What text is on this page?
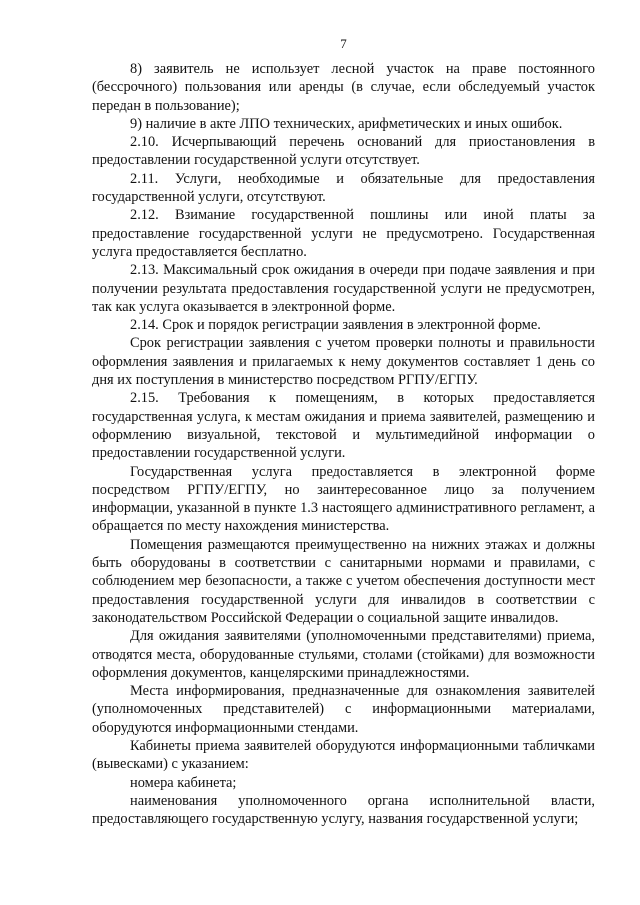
7

8) заявитель не использует лесной участок на праве постоянного (бессрочного) пользования или аренды (в случае, если обследуемый участок передан в пользование);

9) наличие в акте ЛПО технических, арифметических и иных ошибок.

2.10. Исчерпывающий перечень оснований для приостановления в предоставлении государственной услуги отсутствует.

2.11. Услуги, необходимые и обязательные для предоставления государственной услуги, отсутствуют.

2.12. Взимание государственной пошлины или иной платы за предоставление государственной услуги не предусмотрено. Государственная услуга предоставляется бесплатно.

2.13. Максимальный срок ожидания в очереди при подаче заявления и при получении результата предоставления государственной услуги не предусмотрен, так как услуга оказывается в электронной форме.

2.14. Срок и порядок регистрации заявления в электронной форме.

Срок регистрации заявления с учетом проверки полноты и правильности оформления заявления и прилагаемых к нему документов составляет 1 день со дня их поступления в министерство посредством РГПУ/ЕГПУ.

2.15. Требования к помещениям, в которых предоставляется государственная услуга, к местам ожидания и приема заявителей, размещению и оформлению визуальной, текстовой и мультимедийной информации о предоставлении государственной услуги.

Государственная услуга предоставляется в электронной форме посредством РГПУ/ЕГПУ, но заинтересованное лицо за получением информации, указанной в пункте 1.3 настоящего административного регламент, а обращается по месту нахождения министерства.

Помещения размещаются преимущественно на нижних этажах и должны быть оборудованы в соответствии с санитарными нормами и правилами, с соблюдением мер безопасности, а также с учетом обеспечения доступности мест предоставления государственной услуги для инвалидов в соответствии с законодательством Российской Федерации о социальной защите инвалидов.

Для ожидания заявителями (уполномоченными представителями) приема, отводятся места, оборудованные стульями, столами (стойками) для возможности оформления документов, канцелярскими принадлежностями.

Места информирования, предназначенные для ознакомления заявителей (уполномоченных представителей) с информационными материалами, оборудуются информационными стендами.

Кабинеты приема заявителей оборудуются информационными табличками (вывесками) с указанием:

номера кабинета;

наименования уполномоченного органа исполнительной власти, предоставляющего государственную услугу, названия государственной услуги;
